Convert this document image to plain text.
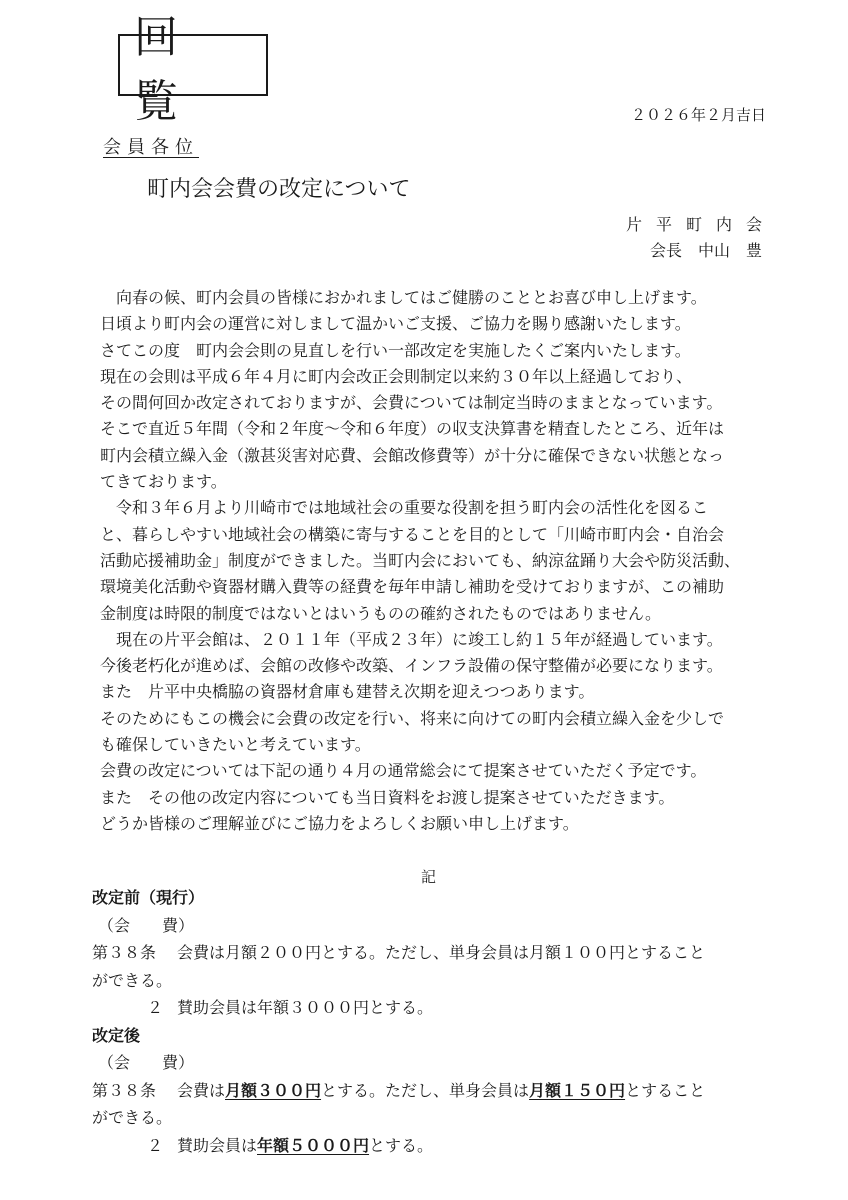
回 覧	２０２６年２月吉日
会員各位
町内会会費の改定について
片平町内会
会長　中山　豊

　向春の候、町内会員の皆様におかれましてはご健勝のこととお喜び申し上げます。

日頃より町内会の運営に対しまして温かいご支援、ご協力を賜り感謝いたします。

さてこの度　町内会会則の見直しを行い一部改定を実施したくご案内いたします。

現在の会則は平成６年４月に町内会改正会則制定以来約３０年以上経過しており、

その間何回か改定されておりますが、会費については制定当時のままとなっています。

そこで直近５年間（令和２年度～令和６年度）の収支決算書を精査したところ、近年は

町内会積立繰入金（激甚災害対応費、会館改修費等）が十分に確保できない状態となっ

てきております。

　令和３年６月より川崎市では地域社会の重要な役割を担う町内会の活性化を図るこ

と、暮らしやすい地域社会の構築に寄与することを目的として「川崎市町内会・自治会

活動応援補助金」制度ができました。当町内会においても、納涼盆踊り大会や防災活動、

環境美化活動や資器材購入費等の経費を毎年申請し補助を受けておりますが、この補助

金制度は時限的制度ではないとはいうものの確約されたものではありません。

　現在の片平会館は、２０１１年（平成２３年）に竣工し約１５年が経過しています。

今後老朽化が進めば、会館の改修や改築、インフラ設備の保守整備が必要になります。

また　片平中央橋脇の資器材倉庫も建替え次期を迎えつつあります。

そのためにもこの機会に会費の改定を行い、将来に向けての町内会積立繰入金を少しで

も確保していきたいと考えています。

会費の改定については下記の通り４月の通常総会にて提案させていただく予定です。

また　その他の改定内容についても当日資料をお渡し提案させていただきます。

どうか皆様のご理解並びにご協力をよろしくお願い申し上げます。

記
改定前（現行）
（会　　費）
第３８条	会費は月額２００円とする。ただし、単身会員は月額１００円とすること
ができる。
２ 賛助会員は年額３０００円とする。
改定後
（会　　費）
第３８条	会費は月額３００円とする。ただし、単身会員は月額１５０円とすること
ができる。
２ 賛助会員は年額５０００円とする。
